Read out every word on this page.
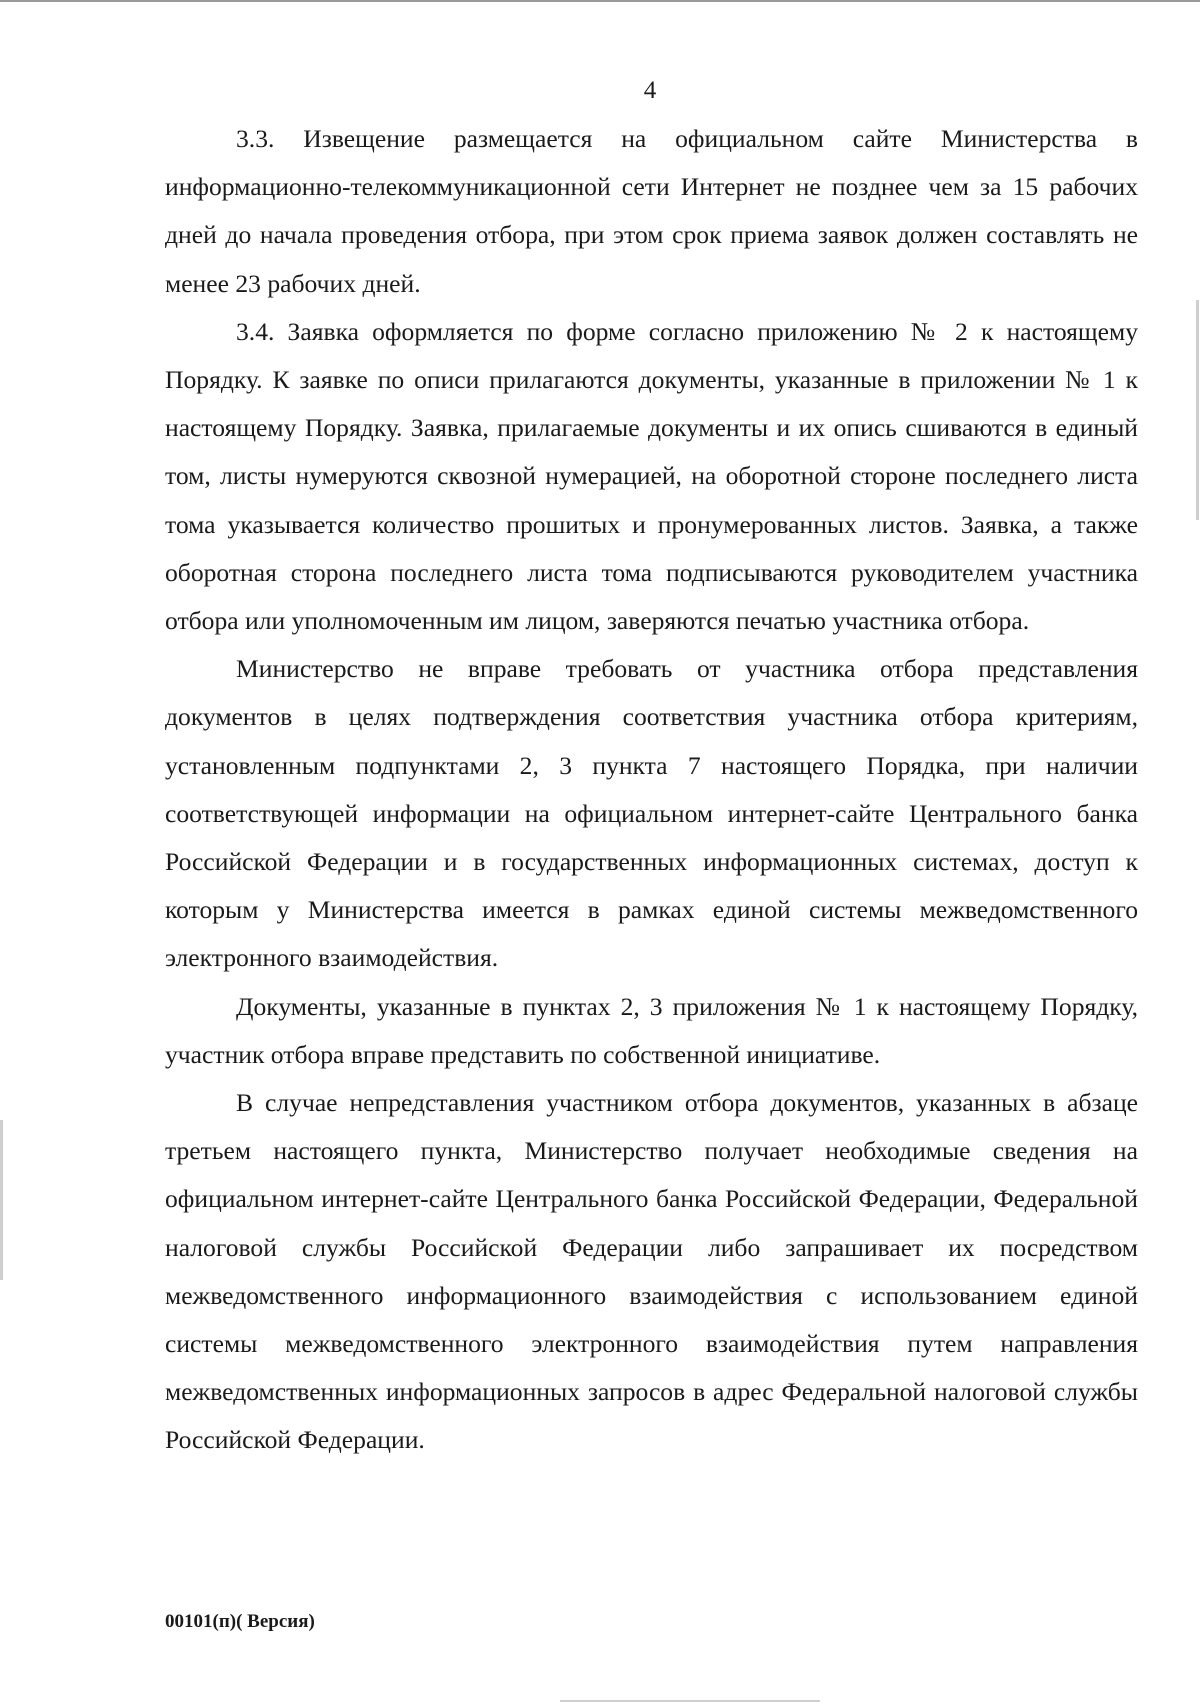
4

3.3. Извещение размещается на официальном сайте Министерства в информационно-телекоммуникационной сети Интернет не позднее чем за 15 рабочих дней до начала проведения отбора, при этом срок приема заявок должен составлять не менее 23 рабочих дней.

3.4. Заявка оформляется по форме согласно приложению № 2 к настоящему Порядку. К заявке по описи прилагаются документы, указанные в приложении № 1 к настоящему Порядку. Заявка, прилагаемые документы и их опись сшиваются в единый том, листы нумеруются сквозной нумерацией, на оборотной стороне последнего листа тома указывается количество прошитых и пронумерованных листов. Заявка, а также оборотная сторона последнего листа тома подписываются руководителем участника отбора или уполномоченным им лицом, заверяются печатью участника отбора.

Министерство не вправе требовать от участника отбора представления документов в целях подтверждения соответствия участника отбора критериям, установленным подпунктами 2, 3 пункта 7 настоящего Порядка, при наличии соответствующей информации на официальном интернет-сайте Центрального банка Российской Федерации и в государственных информационных системах, доступ к которым у Министерства имеется в рамках единой системы межведомственного электронного взаимодействия.

Документы, указанные в пунктах 2, 3 приложения № 1 к настоящему Порядку, участник отбора вправе представить по собственной инициативе.

В случае непредставления участником отбора документов, указанных в абзаце третьем настоящего пункта, Министерство получает необходимые сведения на официальном интернет-сайте Центрального банка Российской Федерации, Федеральной налоговой службы Российской Федерации либо запрашивает их посредством межведомственного информационного взаимодействия с использованием единой системы межведомственного электронного взаимодействия путем направления межведомственных информационных запросов в адрес Федеральной налоговой службы Российской Федерации.

00101(п)( Версия)
